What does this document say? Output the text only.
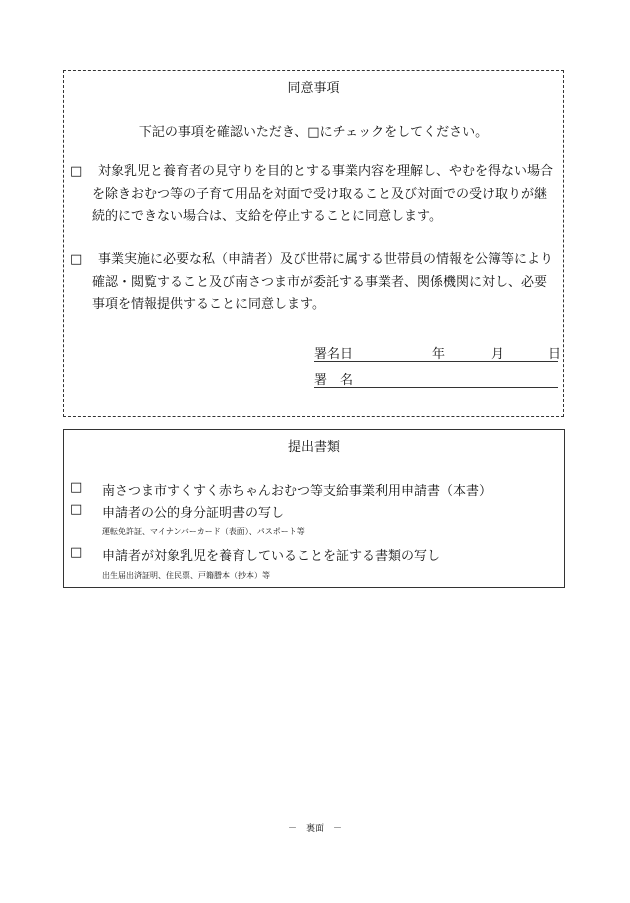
同意事項
下記の事項を確認いただき、□にチェックをしてください。
□	対象乳児と養育者の見守りを目的とする事業内容を理解し、やむを得ない場合を除きおむつ等の子育て用品を対面で受け取ること及び対面での受け取りが継続的にできない場合は、支給を停止することに同意します。
□	事業実施に必要な私（申請者）及び世帯に属する世帯員の情報を公簿等により確認・閲覧すること及び南さつま市が委託する事業者、関係機関に対し、必要事項を情報提供することに同意します。
署名日	年	月	日
署　名
提出書類
□ 南さつま市すくすく赤ちゃんおむつ等支給事業利用申請書（本書）
□ 申請者の公的身分証明書の写し
運転免許証、マイナンバーカード（表面）、パスポート等
□ 申請者が対象乳児を養育していることを証する書類の写し
出生届出済証明、住民票、戸籍謄本（抄本）等
－　裏面　－
